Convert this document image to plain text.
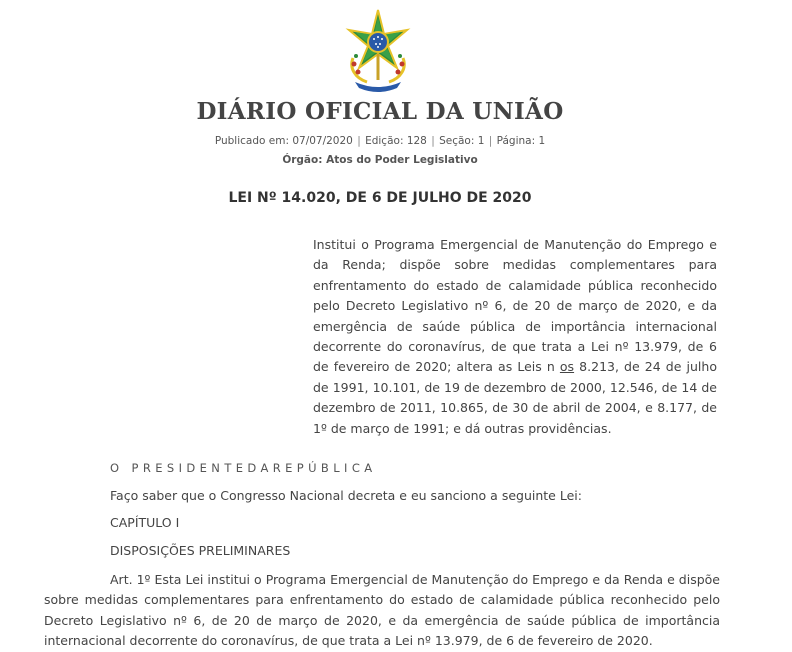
DIÁRIO OFICIAL DA UNIÃO
Publicado em: 07/07/2020 | Edição: 128 | Seção: 1 | Página: 1
Órgão: Atos do Poder Legislativo
LEI Nº 14.020, DE 6 DE JULHO DE 2020
Institui o Programa Emergencial de Manutenção do Emprego e da Renda; dispõe sobre medidas complementares para enfrentamento do estado de calamidade pública reconhecido pelo Decreto Legislativo nº 6, de 20 de março de 2020, e da emergência de saúde pública de importância internacional decorrente do coronavírus, de que trata a Lei nº 13.979, de 6 de fevereiro de 2020; altera as Leis n os 8.213, de 24 de julho de 1991, 10.101, de 19 de dezembro de 2000, 12.546, de 14 de dezembro de 2011, 10.865, de 30 de abril de 2004, e 8.177, de 1º de março de 1991; e dá outras providências.
O PRESIDENTEDAREPÚBLICA
Faço saber que o Congresso Nacional decreta e eu sanciono a seguinte Lei:
CAPÍTULO I
DISPOSIÇÕES PRELIMINARES
Art. 1º Esta Lei institui o Programa Emergencial de Manutenção do Emprego e da Renda e dispõe sobre medidas complementares para enfrentamento do estado de calamidade pública reconhecido pelo Decreto Legislativo nº 6, de 20 de março de 2020, e da emergência de saúde pública de importância internacional decorrente do coronavírus, de que trata a Lei nº 13.979, de 6 de fevereiro de 2020.
